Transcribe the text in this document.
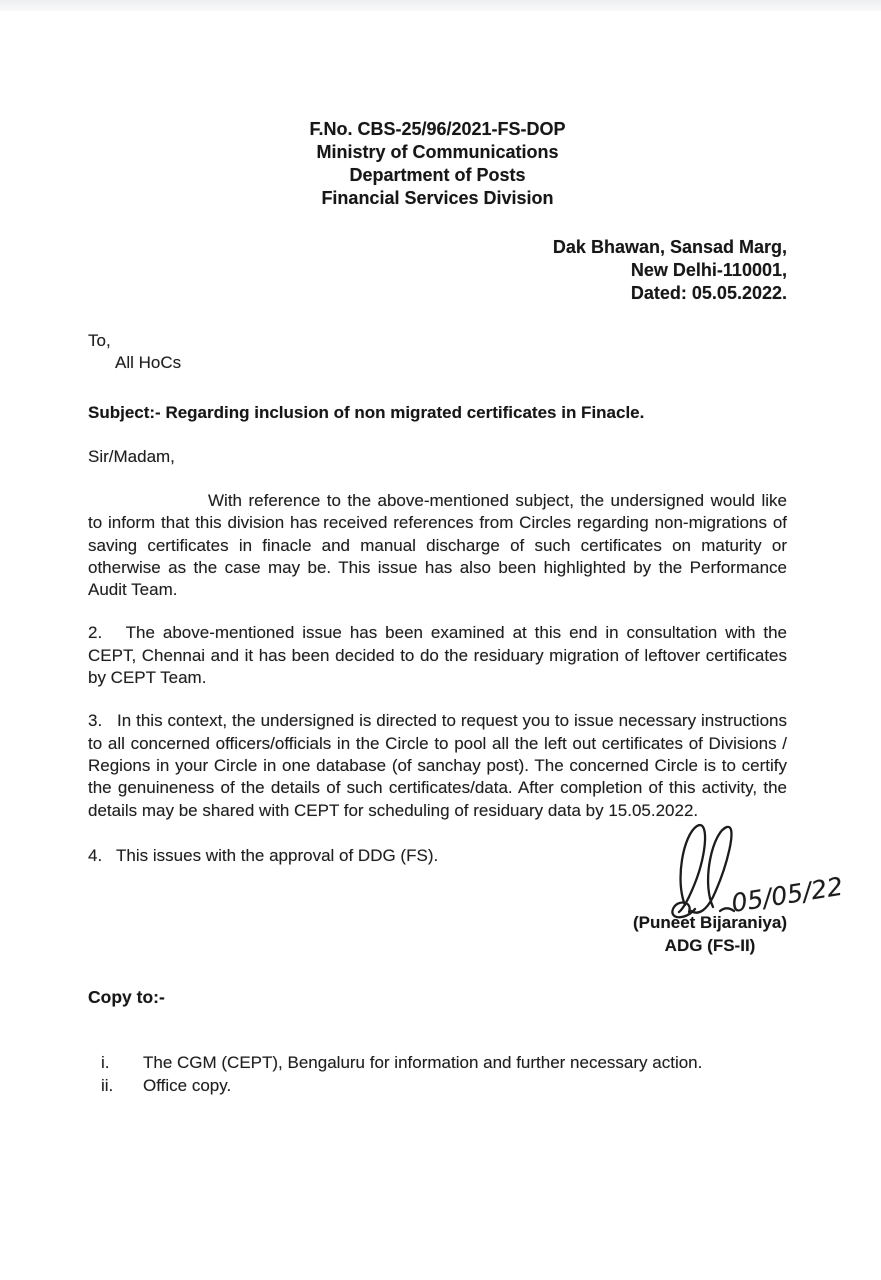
F.No. CBS-25/96/2021-FS-DOP
Ministry of Communications
Department of Posts
Financial Services Division
Dak Bhawan, Sansad Marg,
New Delhi-110001,
Dated: 05.05.2022.
To,
All HoCs
Subject:- Regarding inclusion of non migrated certificates in Finacle.
Sir/Madam,

With reference to the above-mentioned subject, the undersigned would like to inform that this division has received references from Circles regarding non-migrations of saving certificates in finacle and manual discharge of such certificates on maturity or otherwise as the case may be. This issue has also been highlighted by the Performance Audit Team.

2.   The above-mentioned issue has been examined at this end in consultation with the CEPT, Chennai and it has been decided to do the residuary migration of leftover certificates by CEPT Team.

3.   In this context, the undersigned is directed to request you to issue necessary instructions to all concerned officers/officials in the Circle to pool all the left out certificates of Divisions / Regions in your Circle in one database (of sanchay post). The concerned Circle is to certify the genuineness of the details of such certificates/data. After completion of this activity, the details may be shared with CEPT for scheduling of residuary data by 15.05.2022.

4.   This issues with the approval of DDG (FS).

05/05/22
(Puneet Bijaraniya)
ADG (FS-II)
Copy to:-
i.	The CGM (CEPT), Bengaluru for information and further necessary action.
ii.	Office copy.
